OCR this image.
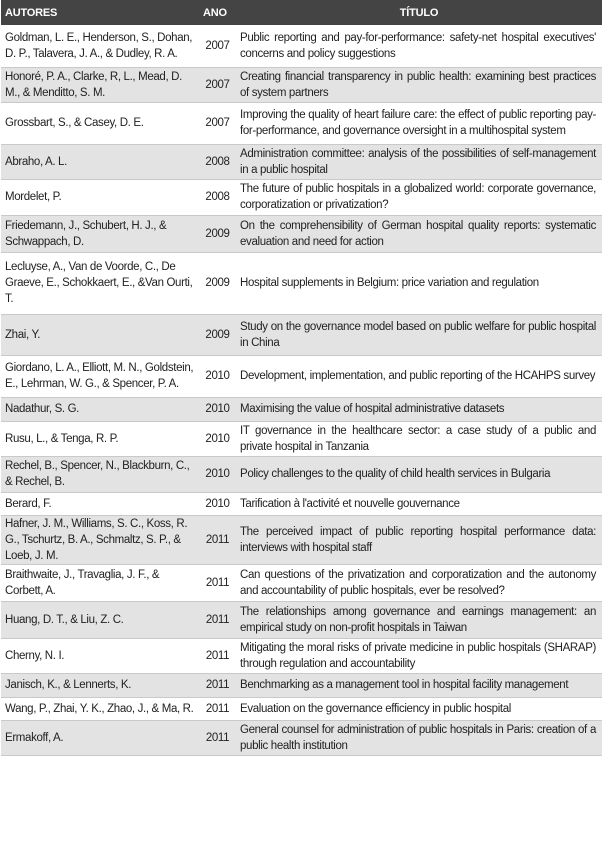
AUTORES	ANO	TÍTULO
Goldman, L. E., Henderson, S., Dohan, D. P., Talavera, J. A., & Dudley, R. A.	2007	Public reporting and pay-for-performance: safety-net hospital executives' concerns and policy suggestions
Honoré, P. A., Clarke, R, L., Mead, D. M., & Menditto, S. M.	2007	Creating financial transparency in public health: examining best practices of system partners
Grossbart, S., & Casey, D. E.	2007	Improving the quality of heart failure care: the effect of public reporting pay-for-performance, and governance oversight in a multihospital system
Abraho, A. L.	2008	Administration committee: analysis of the possibilities of self-management in a public hospital
Mordelet, P.	2008	The future of public hospitals in a globalized world: corporate governance, corporatization or privatization?
Friedemann, J., Schubert, H. J., & Schwappach, D.	2009	On the comprehensibility of German hospital quality reports: systematic evaluation and need for action
Lecluyse, A., Van de Voorde, C., De Graeve, E., Schokkaert, E., &Van Ourti, T.	2009	Hospital supplements in Belgium: price variation and regulation
Zhai, Y.	2009	Study on the governance model based on public welfare for public hospital in China
Giordano, L. A., Elliott, M. N., Goldstein, E., Lehrman, W. G., & Spencer, P. A.	2010	Development, implementation, and public reporting of the HCAHPS survey
Nadathur, S. G.	2010	Maximising the value of hospital administrative datasets
Rusu, L., & Tenga, R. P.	2010	IT governance in the healthcare sector: a case study of a public and private hospital in Tanzania
Rechel, B., Spencer, N., Blackburn, C., & Rechel, B.	2010	Policy challenges to the quality of child health services in Bulgaria
Berard, F.	2010	Tarification à l'activité et nouvelle gouvernance
Hafner, J. M., Williams, S. C., Koss, R. G., Tschurtz, B. A., Schmaltz, S. P., & Loeb, J. M.	2011	The perceived impact of public reporting hospital performance data: interviews with hospital staff
Braithwaite, J., Travaglia, J. F., & Corbett, A.	2011	Can questions of the privatization and corporatization and the autonomy and accountability of public hospitals, ever be resolved?
Huang, D. T., & Liu, Z. C.	2011	The relationships among governance and earnings management: an empirical study on non-profit hospitals in Taiwan
Cherny, N. I.	2011	Mitigating the moral risks of private medicine in public hospitals (SHARAP) through regulation and accountability
Janisch, K., & Lennerts, K.	2011	Benchmarking as a management tool in hospital facility management
Wang, P., Zhai, Y. K., Zhao, J., & Ma, R.	2011	Evaluation on the governance efficiency in public hospital
Ermakoff, A.	2011	General counsel for administration of public hospitals in Paris: creation of a public health institution
